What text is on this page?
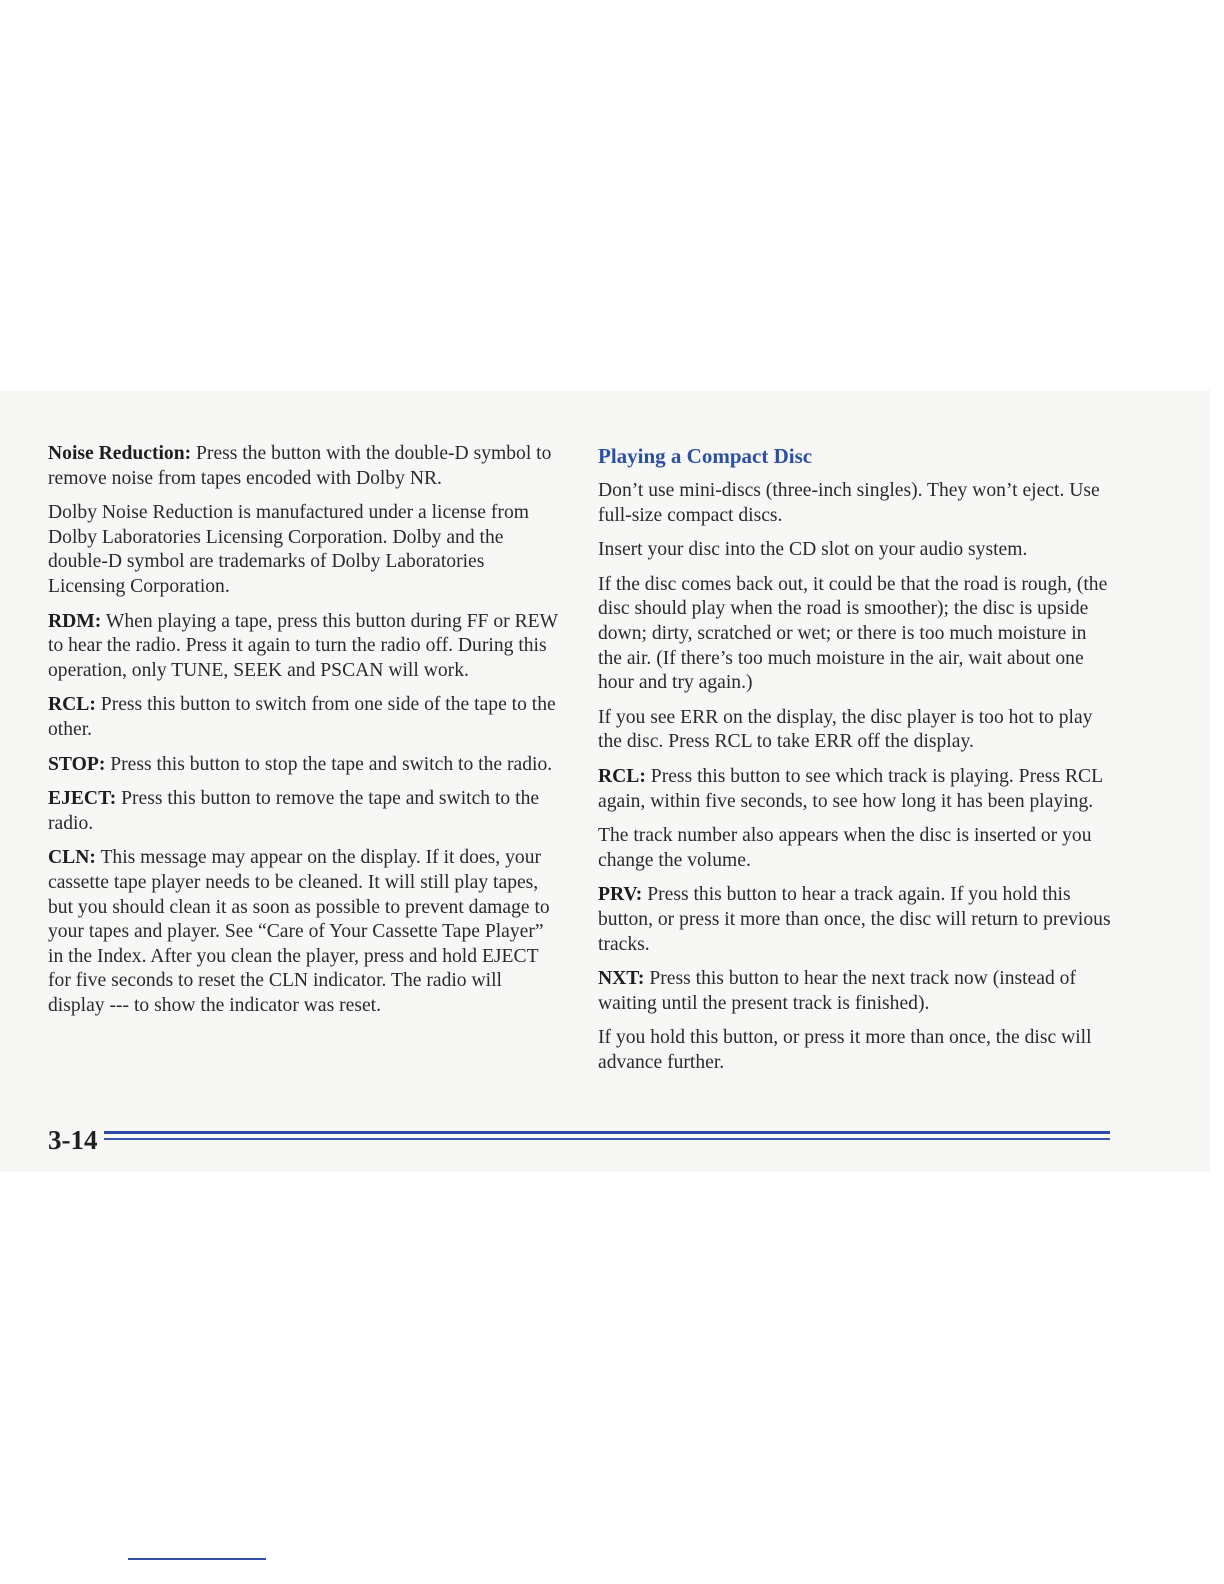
Noise Reduction: Press the button with the double-D symbol to remove noise from tapes encoded with Dolby NR.

Dolby Noise Reduction is manufactured under a license from Dolby Laboratories Licensing Corporation. Dolby and the double-D symbol are trademarks of Dolby Laboratories Licensing Corporation.

RDM: When playing a tape, press this button during FF or REW to hear the radio. Press it again to turn the radio off. During this operation, only TUNE, SEEK and PSCAN will work.

RCL: Press this button to switch from one side of the tape to the other.

STOP: Press this button to stop the tape and switch to the radio.

EJECT: Press this button to remove the tape and switch to the radio.

CLN: This message may appear on the display. If it does, your cassette tape player needs to be cleaned. It will still play tapes, but you should clean it as soon as possible to prevent damage to your tapes and player. See “Care of Your Cassette Tape Player” in the Index. After you clean the player, press and hold EJECT for five seconds to reset the CLN indicator. The radio will display --- to show the indicator was reset.

Playing a Compact Disc

Don’t use mini-discs (three-inch singles). They won’t eject. Use full-size compact discs.

Insert your disc into the CD slot on your audio system.

If the disc comes back out, it could be that the road is rough, (the disc should play when the road is smoother); the disc is upside down; dirty, scratched or wet; or there is too much moisture in the air. (If there’s too much moisture in the air, wait about one hour and try again.)

If you see ERR on the display, the disc player is too hot to play the disc. Press RCL to take ERR off the display.

RCL: Press this button to see which track is playing. Press RCL again, within five seconds, to see how long it has been playing.

The track number also appears when the disc is inserted or you change the volume.

PRV: Press this button to hear a track again. If you hold this button, or press it more than once, the disc will return to previous tracks.

NXT: Press this button to hear the next track now (instead of waiting until the present track is finished).

If you hold this button, or press it more than once, the disc will advance further.

3-14
